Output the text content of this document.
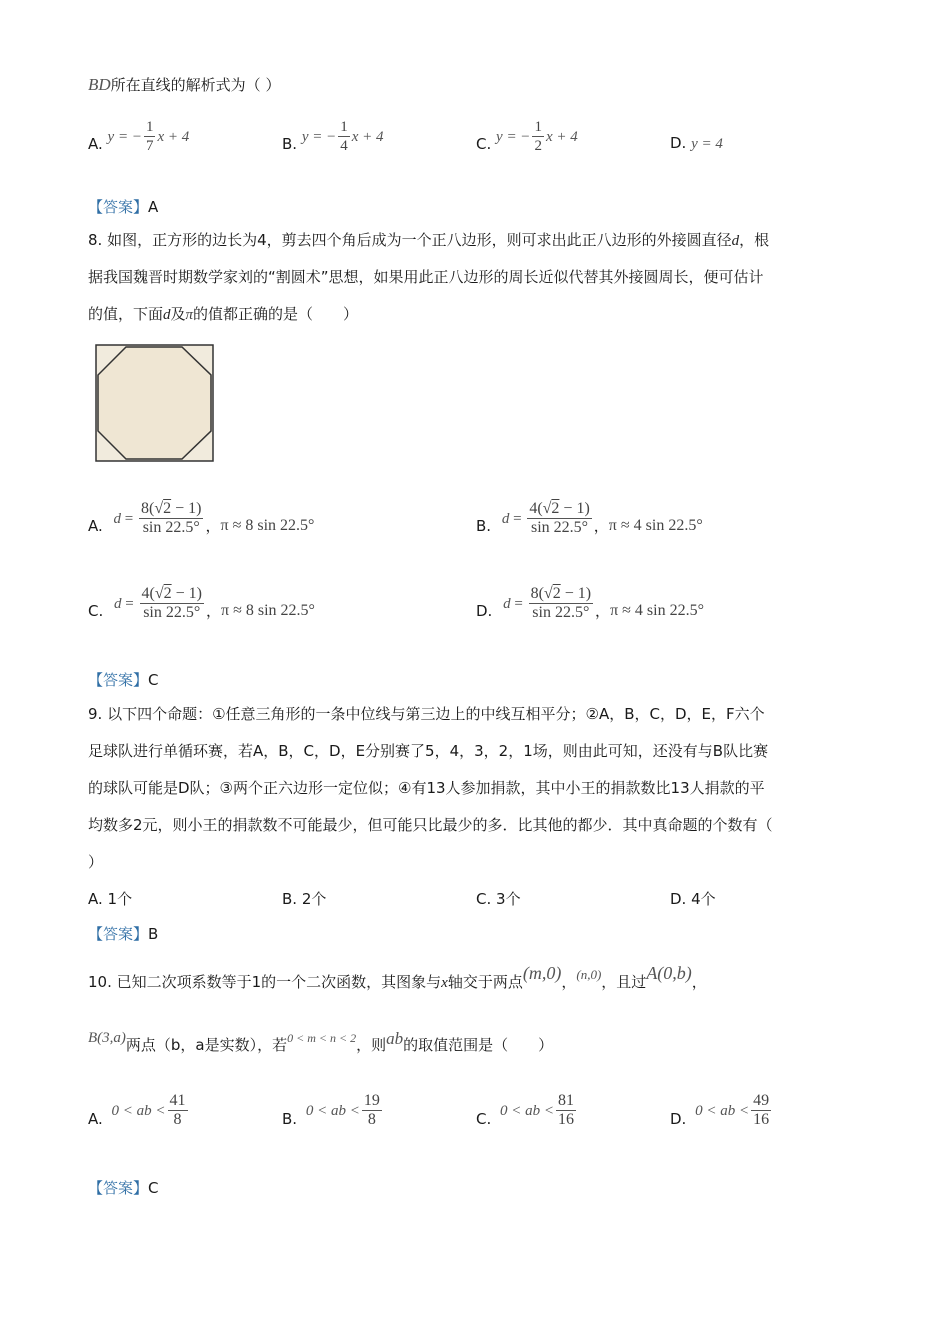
BD所在直线的解析式为（ ）
A. y = − $\frac{1}{7}$ x + 4	B. y = − $\frac{1}{4}$ x + 4	C. y = − $\frac{1}{2}$ x + 4	D. y = 4
【答案】A
8. 如图，正方形的边长为4，剪去四个角后成为一个正八边形，则可求出此正八边形的外接圆直径d，根
据我国魏晋时期数学家刘的“割圆术”思想，如果用此正八边形的周长近似代替其外接圆周长，便可估计
的值，下面d及π的值都正确的是（　　）
A. $d = \frac{8(√2 - 1)}{\sin 22.5^\circ}$ ，π ≈ 8 sin 22.5°	B. $d = \frac{4(√2 - 1)}{\sin 22.5^\circ}$ ，π ≈ 4 sin 22.5°
C. $d = \frac{4(√2 - 1)}{\sin 22.5^\circ}$ ，π ≈ 8 sin 22.5°	D. $d = \frac{8(√2 - 1)}{\sin 22.5^\circ}$ ，π ≈ 4 sin 22.5°
【答案】C
9. 以下四个命题：①任意三角形的一条中位线与第三边上的中线互相平分；②A，B，C，D，E，F六个
足球队进行单循环赛，若A，B，C，D，E分别赛了5，4，3，2，1场，则由此可知，还没有与B队比赛
的球队可能是D队；③两个正六边形一定位似；④有13人参加捐款，其中小王的捐款数比13人捐款的平
均数多2元，则小王的捐款数不可能最少，但可能只比最少的多．比其他的都少．其中真命题的个数有（
）
A. 1个	B. 2个	C. 3个	D. 4个
【答案】B
10. 已知二次项系数等于1的一个二次函数，其图象与x轴交于两点(m,0)，(n,0)，且过A(0,b)，
B(3,a)两点（b，a是实数），若$^{0 < m < n < 2}$，则ab的取值范围是（　　）
A. 0 < ab < $\frac{41}{8}$	B. 0 < ab < $\frac{19}{8}$	C. 0 < ab < $\frac{81}{16}$	D. 0 < ab < $\frac{49}{16}$
【答案】C
